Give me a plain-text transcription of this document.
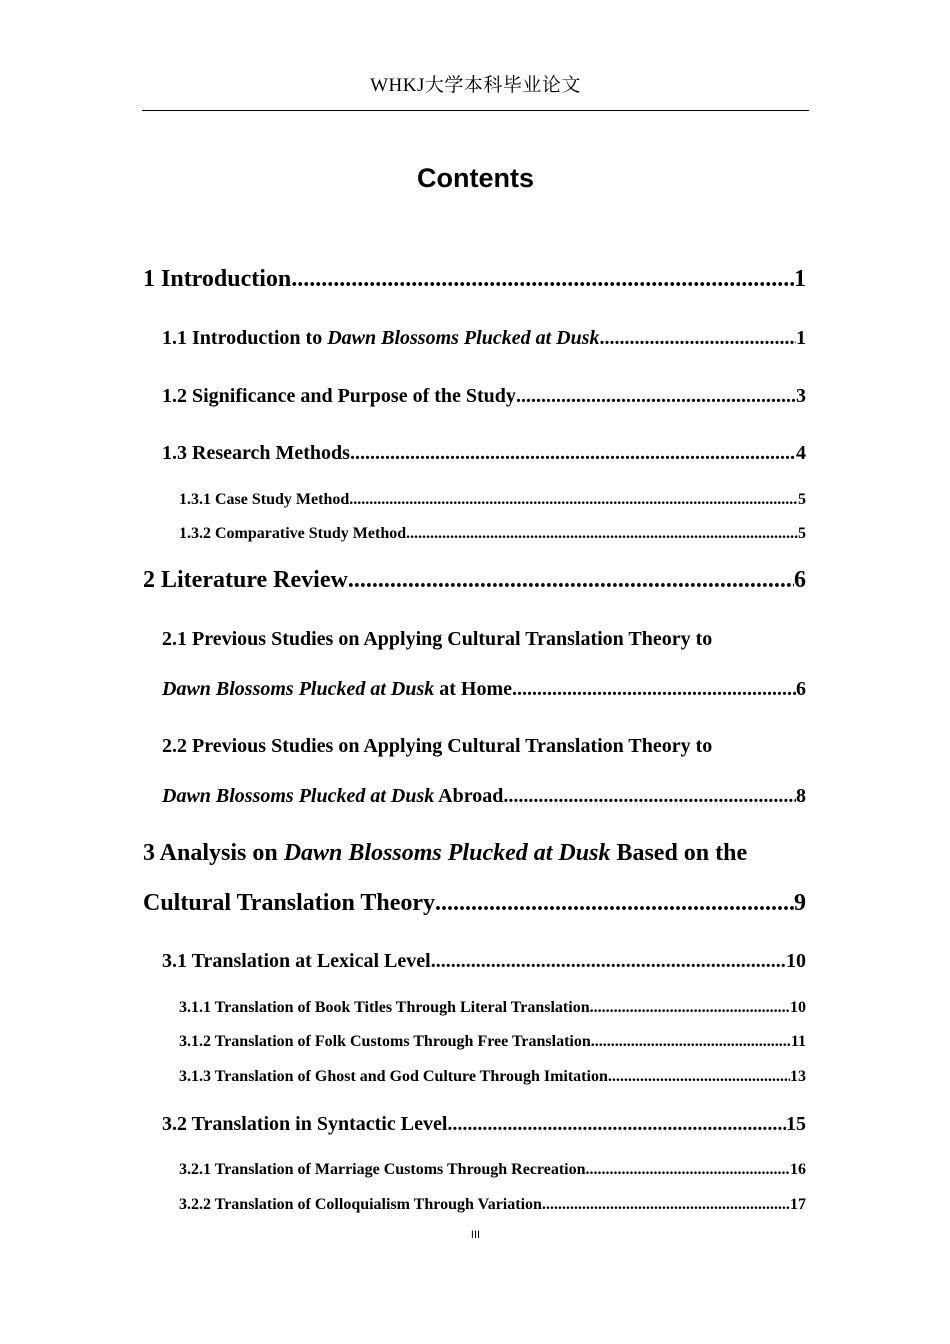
WHKJ大学本科毕业论文
Contents
1 Introduction .....	1
1.1 Introduction to Dawn Blossoms Plucked at Dusk .....	1
1.2 Significance and Purpose of the Study .....	3
1.3 Research Methods .....	4
1.3.1 Case Study Method .....	5
1.3.2 Comparative Study Method .....	5
2 Literature Review .....	6
2.1 Previous Studies on Applying Cultural Translation Theory to
Dawn Blossoms Plucked at Dusk at Home .....	6
2.2 Previous Studies on Applying Cultural Translation Theory to
Dawn Blossoms Plucked at Dusk Abroad .....	8
3 Analysis on Dawn Blossoms Plucked at Dusk Based on the
Cultural Translation Theory .....	9
3.1 Translation at Lexical Level .....	10
3.1.1 Translation of Book Titles Through Literal Translation .....	10
3.1.2 Translation of Folk Customs Through Free Translation .....	11
3.1.3 Translation of Ghost and God Culture Through Imitation .....	13
3.2 Translation in Syntactic Level .....	15
3.2.1 Translation of Marriage Customs Through Recreation .....	16
3.2.2 Translation of Colloquialism Through Variation .....	17
III
